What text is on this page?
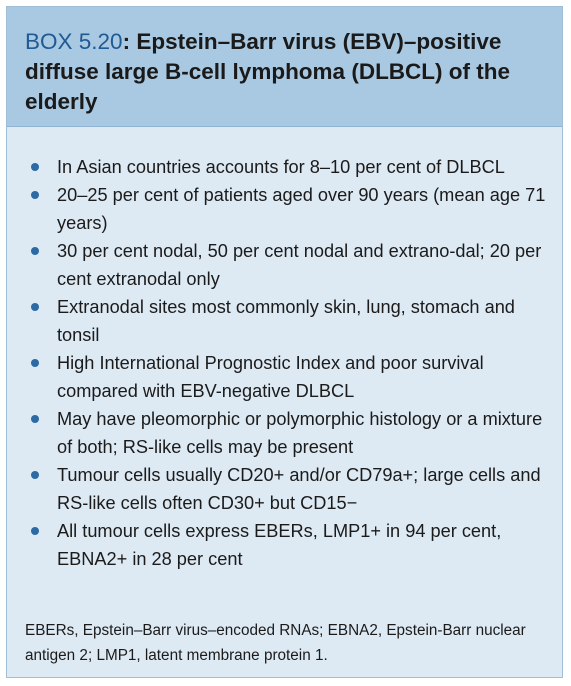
BOX 5.20: Epstein–Barr virus (EBV)–positive diffuse large B-cell lymphoma (DLBCL) of the elderly
In Asian countries accounts for 8–10 per cent of DLBCL
20–25 per cent of patients aged over 90 years (mean age 71 years)
30 per cent nodal, 50 per cent nodal and extrano-dal; 20 per cent extranodal only
Extranodal sites most commonly skin, lung, stomach and tonsil
High International Prognostic Index and poor survival compared with EBV-negative DLBCL
May have pleomorphic or polymorphic histology or a mixture of both; RS-like cells may be present
Tumour cells usually CD20+ and/or CD79a+; large cells and RS-like cells often CD30+ but CD15−
All tumour cells express EBERs, LMP1+ in 94 per cent, EBNA2+ in 28 per cent

EBERs, Epstein–Barr virus–encoded RNAs; EBNA2, Epstein-Barr nuclear antigen 2; LMP1, latent membrane protein 1.
